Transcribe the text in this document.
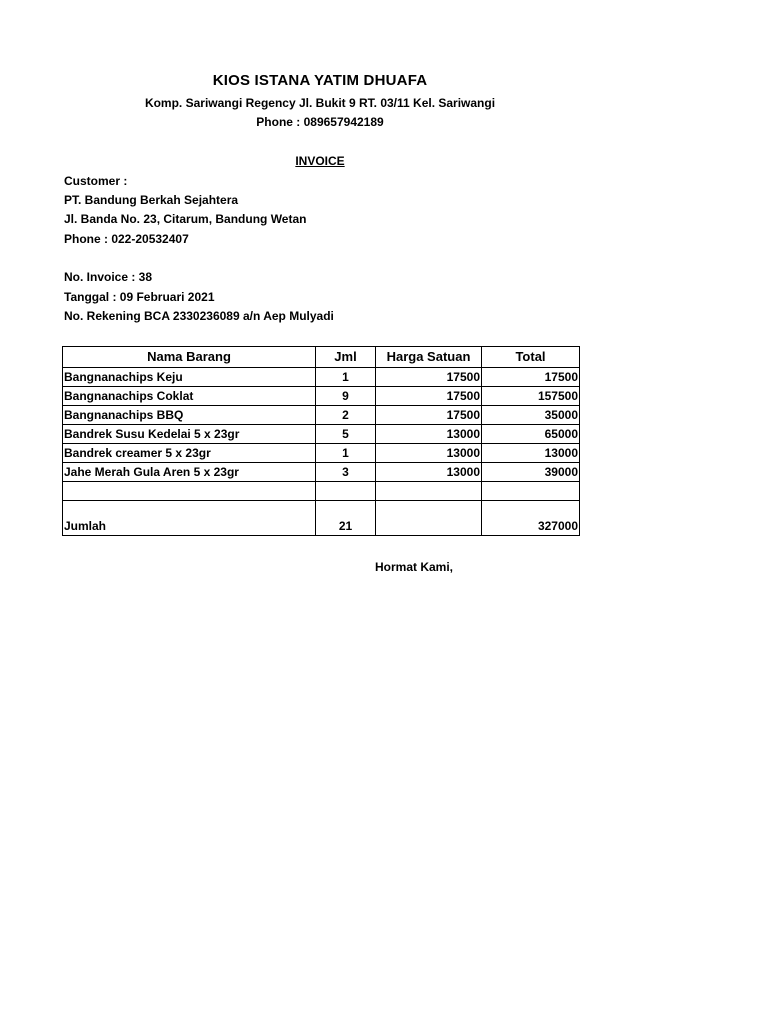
KIOS ISTANA YATIM DHUAFA
Komp. Sariwangi Regency Jl. Bukit 9 RT. 03/11 Kel. Sariwangi
Phone : 089657942189
INVOICE
Customer :
PT. Bandung Berkah Sejahtera
Jl. Banda No. 23, Citarum, Bandung Wetan
Phone : 022-20532407
No. Invoice : 38
Tanggal : 09 Februari 2021
No. Rekening BCA 2330236089 a/n Aep Mulyadi
Nama Barang	Jml	Harga Satuan	Total
Bangnanachips Keju	1	17500	17500
Bangnanachips Coklat	9	17500	157500
Bangnanachips BBQ	2	17500	35000
Bandrek Susu Kedelai 5 x 23gr	5	13000	65000
Bandrek creamer 5 x 23gr	1	13000	13000
Jahe Merah Gula Aren 5 x 23gr	3	13000	39000

Jumlah	21		327000
Hormat Kami,
